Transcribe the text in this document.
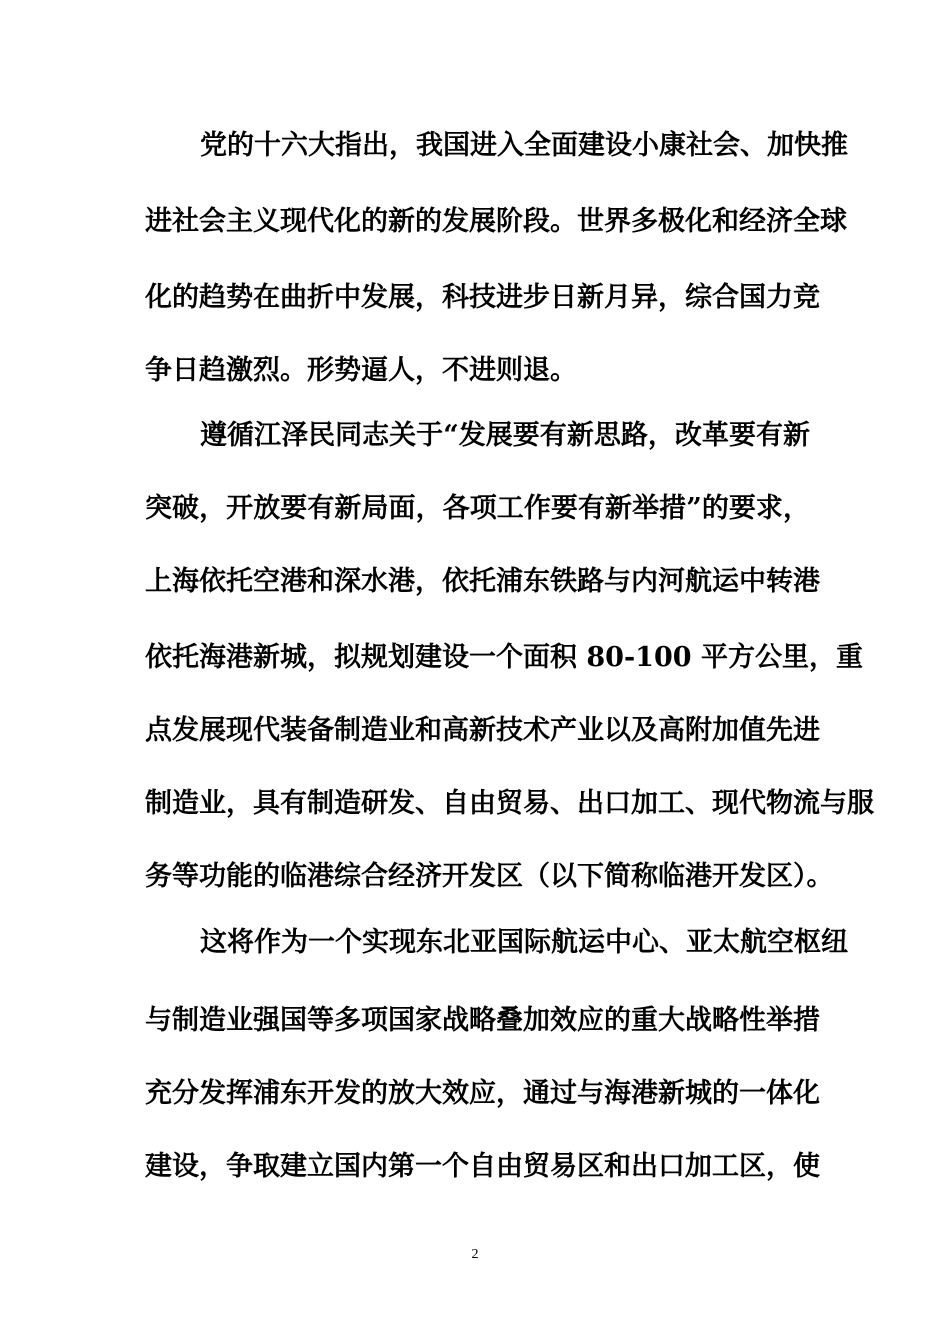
党的十六大指出，我国进入全面建设小康社会、加快推
进社会主义现代化的新的发展阶段。世界多极化和经济全球
化的趋势在曲折中发展，科技进步日新月异，综合国力竞
争日趋激烈。形势逼人，不进则退。
遵循江泽民同志关于“发展要有新思路，改革要有新
突破，开放要有新局面，各项工作要有新举措”的要求，
上海依托空港和深水港，依托浦东铁路与内河航运中转港
依托海港新城，拟规划建设一个面积 80-100 平方公里，重
点发展现代装备制造业和高新技术产业以及高附加值先进
制造业，具有制造研发、自由贸易、出口加工、现代物流与服
务等功能的临港综合经济开发区（以下简称临港开发区）。
这将作为一个实现东北亚国际航运中心、亚太航空枢纽
与制造业强国等多项国家战略叠加效应的重大战略性举措
充分发挥浦东开发的放大效应，通过与海港新城的一体化
建设，争取建立国内第一个自由贸易区和出口加工区，使
2
